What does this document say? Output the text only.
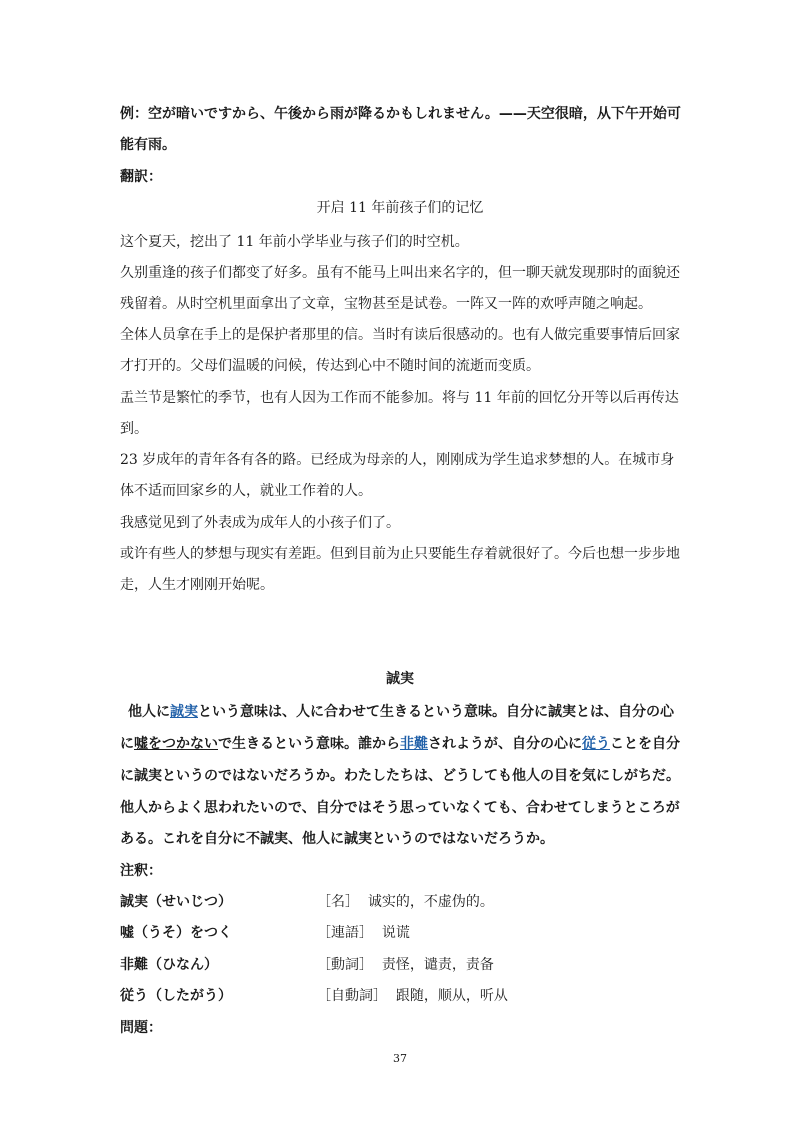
例：空が暗いですから、午後から雨が降るかもしれません。——天空很暗，从下午开始可
能有雨。
翻訳：
开启 11 年前孩子们的记忆
这个夏天，挖出了 11 年前小学毕业与孩子们的时空机。
久别重逢的孩子们都变了好多。虽有不能马上叫出来名字的，但一聊天就发现那时的面貌还
残留着。从时空机里面拿出了文章，宝物甚至是试卷。一阵又一阵的欢呼声随之响起。
全体人员拿在手上的是保护者那里的信。当时有读后很感动的。也有人做完重要事情后回家
才打开的。父母们温暖的问候，传达到心中不随时间的流逝而变质。
盂兰节是繁忙的季节，也有人因为工作而不能参加。将与 11 年前的回忆分开等以后再传达
到。
23 岁成年的青年各有各的路。已经成为母亲的人，刚刚成为学生追求梦想的人。在城市身
体不适而回家乡的人，就业工作着的人。
我感觉见到了外表成为成年人的小孩子们了。
或许有些人的梦想与现实有差距。但到目前为止只要能生存着就很好了。今后也想一步步地
走，人生才刚刚开始呢。
誠実
他人に誠実という意味は、人に合わせて生きるという意味。自分に誠実とは、自分の心
に嘘をつかないで生きるという意味。誰から非難されようが、自分の心に従うことを自分
に誠実というのではないだろうか。わたしたちは、どうしても他人の目を気にしがちだ。
他人からよく思われたいので、自分ではそう思っていなくても、合わせてしまうところが
ある。これを自分に不誠実、他人に誠実というのではないだろうか。
注釈：
誠実（せいじつ）	［名］ 诚实的，不虚伪的。
嘘（うそ）をつく	［連語］ 说谎
非難（ひなん）	［動詞］ 责怪，谴责，责备
従う（したがう）	［自動詞］ 跟随，顺从，听从
問題：
37
